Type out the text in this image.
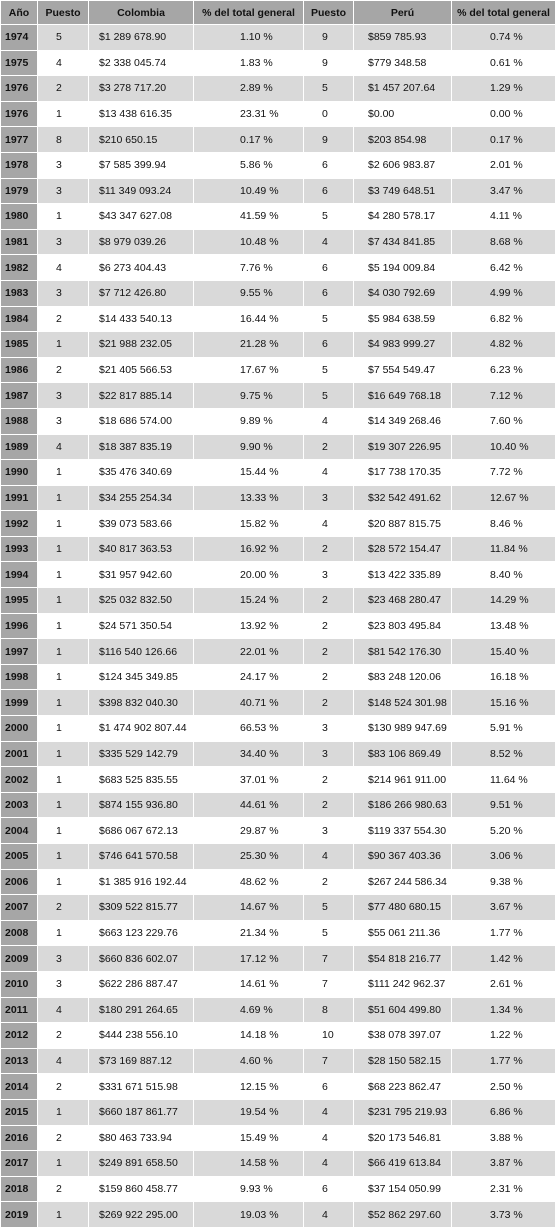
Año	Puesto	Colombia	% del total general	Puesto	Perú	% del total general
1974	5	$1 289 678.90	1.10 %	9	$859 785.93	0.74 %
1975	4	$2 338 045.74	1.83 %	9	$779 348.58	0.61 %
1976	2	$3 278 717.20	2.89 %	5	$1 457 207.64	1.29 %
1976	1	$13 438 616.35	23.31 %	0	$0.00	0.00 %
1977	8	$210 650.15	0.17 %	9	$203 854.98	0.17 %
1978	3	$7 585 399.94	5.86 %	6	$2 606 983.87	2.01 %
1979	3	$11 349 093.24	10.49 %	6	$3 749 648.51	3.47 %
1980	1	$43 347 627.08	41.59 %	5	$4 280 578.17	4.11 %
1981	3	$8 979 039.26	10.48 %	4	$7 434 841.85	8.68 %
1982	4	$6 273 404.43	7.76 %	6	$5 194 009.84	6.42 %
1983	3	$7 712 426.80	9.55 %	6	$4 030 792.69	4.99 %
1984	2	$14 433 540.13	16.44 %	5	$5 984 638.59	6.82 %
1985	1	$21 988 232.05	21.28 %	6	$4 983 999.27	4.82 %
1986	2	$21 405 566.53	17.67 %	5	$7 554 549.47	6.23 %
1987	3	$22 817 885.14	9.75 %	5	$16 649 768.18	7.12 %
1988	3	$18 686 574.00	9.89 %	4	$14 349 268.46	7.60 %
1989	4	$18 387 835.19	9.90 %	2	$19 307 226.95	10.40 %
1990	1	$35 476 340.69	15.44 %	4	$17 738 170.35	7.72 %
1991	1	$34 255 254.34	13.33 %	3	$32 542 491.62	12.67 %
1992	1	$39 073 583.66	15.82 %	4	$20 887 815.75	8.46 %
1993	1	$40 817 363.53	16.92 %	2	$28 572 154.47	11.84 %
1994	1	$31 957 942.60	20.00 %	3	$13 422 335.89	8.40 %
1995	1	$25 032 832.50	15.24 %	2	$23 468 280.47	14.29 %
1996	1	$24 571 350.54	13.92 %	2	$23 803 495.84	13.48 %
1997	1	$116 540 126.66	22.01 %	2	$81 542 176.30	15.40 %
1998	1	$124 345 349.85	24.17 %	2	$83 248 120.06	16.18 %
1999	1	$398 832 040.30	40.71 %	2	$148 524 301.98	15.16 %
2000	1	$1 474 902 807.44	66.53 %	3	$130 989 947.69	5.91 %
2001	1	$335 529 142.79	34.40 %	3	$83 106 869.49	8.52 %
2002	1	$683 525 835.55	37.01 %	2	$214 961 911.00	11.64 %
2003	1	$874 155 936.80	44.61 %	2	$186 266 980.63	9.51 %
2004	1	$686 067 672.13	29.87 %	3	$119 337 554.30	5.20 %
2005	1	$746 641 570.58	25.30 %	4	$90 367 403.36	3.06 %
2006	1	$1 385 916 192.44	48.62 %	2	$267 244 586.34	9.38 %
2007	2	$309 522 815.77	14.67 %	5	$77 480 680.15	3.67 %
2008	1	$663 123 229.76	21.34 %	5	$55 061 211.36	1.77 %
2009	3	$660 836 602.07	17.12 %	7	$54 818 216.77	1.42 %
2010	3	$622 286 887.47	14.61 %	7	$111 242 962.37	2.61 %
2011	4	$180 291 264.65	4.69 %	8	$51 604 499.80	1.34 %
2012	2	$444 238 556.10	14.18 %	10	$38 078 397.07	1.22 %
2013	4	$73 169 887.12	4.60 %	7	$28 150 582.15	1.77 %
2014	2	$331 671 515.98	12.15 %	6	$68 223 862.47	2.50 %
2015	1	$660 187 861.77	19.54 %	4	$231 795 219.93	6.86 %
2016	2	$80 463 733.94	15.49 %	4	$20 173 546.81	3.88 %
2017	1	$249 891 658.50	14.58 %	4	$66 419 613.84	3.87 %
2018	2	$159 860 458.77	9.93 %	6	$37 154 050.99	2.31 %
2019	1	$269 922 295.00	19.03 %	4	$52 862 297.60	3.73 %
